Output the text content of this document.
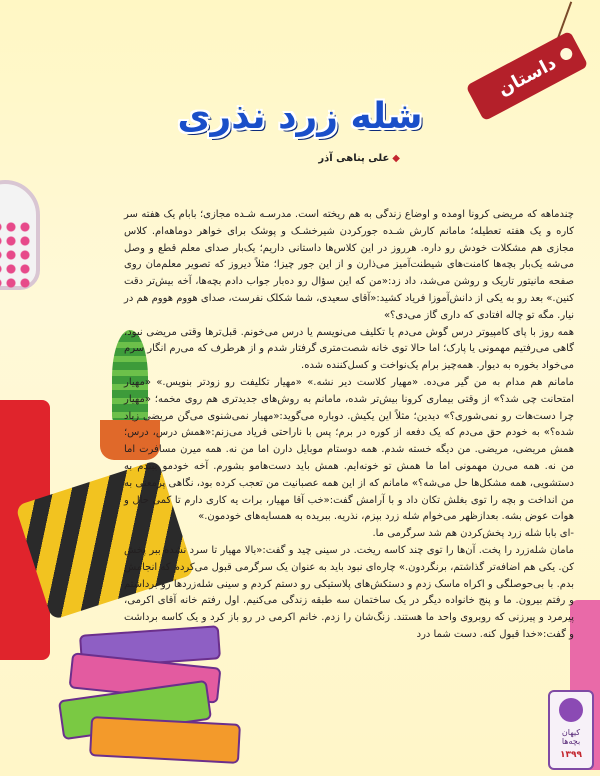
داستان
شله زرد نذری
◆علی پناهی آذر

چندماهه که مریضی کرونا اومده و اوضاع زندگی به هم ریخته است. مدرسـه شـده مجازی؛ بابام یک هفته سر کاره و یک هفته تعطیله؛ مامانم کارش شـده جورکردن شیرخشـک و پوشک برای خواهر دوماهه‌ام. کلاس مجازی هم مشکلات خودش رو داره. هرروز در این کلاس‌ها داستانی داریم؛ یک‌بار صدای معلم قطع و وصل می‌شه یک‌بار بچه‌ها کامنت‌های شیطنت‌آمیز می‌ذارن و از این جور چیزا؛ مثلاً دیروز که تصویر معلم‌مان روی صفحه مانیتور تاریک و روشن می‌شد، داد زد:«من که این سؤال رو ده‌بار جواب دادم بچه‌ها، آخه بیش‌تر دقت کنین.» بعد رو به یکی از دانش‌آموزا فریاد کشید:«آقای سعیدی، شما شکلک نفرست، صدای هووم هووم هم در نیار. مگه تو چاله افتادی که داری گاز می‌دی؟»

همه روز با پای کامپیوتر درس گوش می‌دم یا تکلیف می‌نویسم یا درس می‌خونم. قبل‌ترها وقتی مریضی نبود، گاهی می‌رفتیم مهمونی یا پارک؛ اما حالا توی خانه شصت‌متری گرفتار شدم و از هرطرف که می‌رم انگار سرم می‌خواد بخوره به دیوار. همه‌چیز برام یک‌نواخت و کسل‌کننده شده.

مامانم هم مدام به من گیر می‌ده. «مهیار کلاست دیر نشه.» «مهیار تکلیفت رو زودتر بنویس.» «مهیار امتحانت چی شد؟» از وقتی بیماری کرونا بیش‌تر شده، مامانم به روش‌های جدیدتری هم روی مخمه؛ «مهیار چرا دست‌هات رو نمی‌شوری؟» دیدین؛ مثلاً این یکیش. دوباره می‌گوید:«مهیار نمی‌شنوی می‌گن مریضی زیاد شده؟» به خودم حق می‌دم که یک دفعه از کوره در برم؛ پس با ناراحتی فریاد می‌زنم:«همش درس، درس؛ همش مریضی، مریضی. من دیگه خسته شدم. همه دوستام موبایل دارن اما من نه. همه میرن مسافرت اما من نه. همه می‌رن مهمونی اما ما همش تو خونه‌ایم. همش باید دست‌هامو بشورم. آخه خودمو ببندم به دستشویی، همه مشکل‌ها حل می‌شه؟» مامانم که از این همه عصبانیت من تعجب کرده بود، نگاهی پرمعنی به من انداخت و بچه را توی بغلش تکان داد و با آرامش گفت:«خب آقا مهیار، برات یه کاری دارم تا کمی حال و هوات عوض بشه. بعدازظهر می‌خوام شله زرد بپزم، نذریه. ببریده به همسایه‌های خودمون.»

-ای بابا شله زرد پخش‌کردن هم شد سرگرمی ما.

مامان شله‌زرد را پخت. آن‌ها را توی چند کاسه ریخت. در سینی چید و گفت:«بالا مهیار تا سرد نشده ببر پخش کن. یکی هم اضافه‌تر گذاشتم، برنگردون.» چاره‌ای نبود باید به عنوان یک سرگرمی قبول می‌کردم که انجامش بدم. با بی‌حوصلگی و اکراه ماسک زدم و دستکش‌های پلاستیکی رو دستم کردم و سینی شله‌زردها رو برداشتم و رفتم بیرون. ما و پنج خانواده دیگر در یک ساختمان سه طبقه زندگی می‌کنیم. اول رفتم خانه آقای اکرمی، پیرمرد و پیرزنی که روبروی واحد ما هستند. زنگ‌شان را زدم. خانم اکرمی در رو باز کرد و یک کاسه برداشت و گفت:«خدا قبول کنه. دست شما درد

کیهان بچه‌ها
۱۳۹۹
